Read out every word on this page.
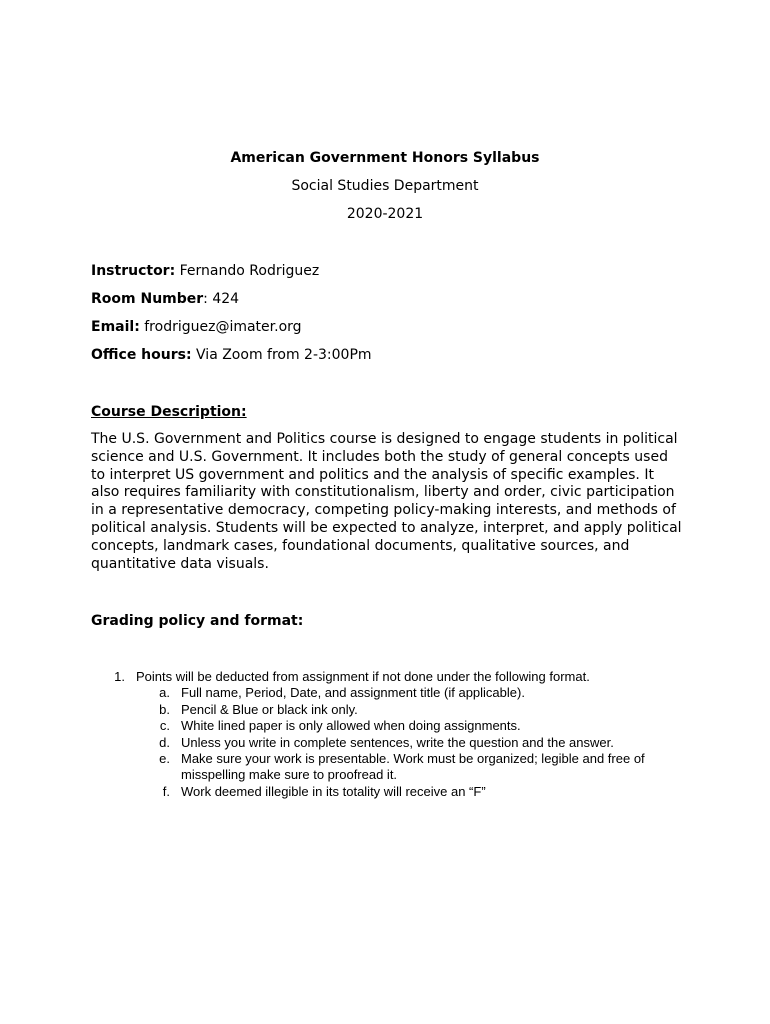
American Government Honors Syllabus
Social Studies Department
2020-2021
Instructor: Fernando Rodriguez
Room Number: 424
Email: frodriguez@imater.org
Office hours: Via Zoom from 2-3:00Pm
Course Description:
The U.S. Government and Politics course is designed to engage students in political
science and U.S. Government. It includes both the study of general concepts used
to interpret US government and politics and the analysis of specific examples. It
also requires familiarity with constitutionalism, liberty and order, civic participation
in a representative democracy, competing policy-making interests, and methods of
political analysis. Students will be expected to analyze, interpret, and apply political
concepts, landmark cases, foundational documents, qualitative sources, and
quantitative data visuals.
Grading policy and format:
1. Points will be deducted from assignment if not done under the following format.
a. Full name, Period, Date, and assignment title (if applicable).
b. Pencil & Blue or black ink only.
c. White lined paper is only allowed when doing assignments.
d. Unless you write in complete sentences, write the question and the answer.
e. Make sure your work is presentable. Work must be organized; legible and free of
misspelling make sure to proofread it.
f. Work deemed illegible in its totality will receive an “F”
